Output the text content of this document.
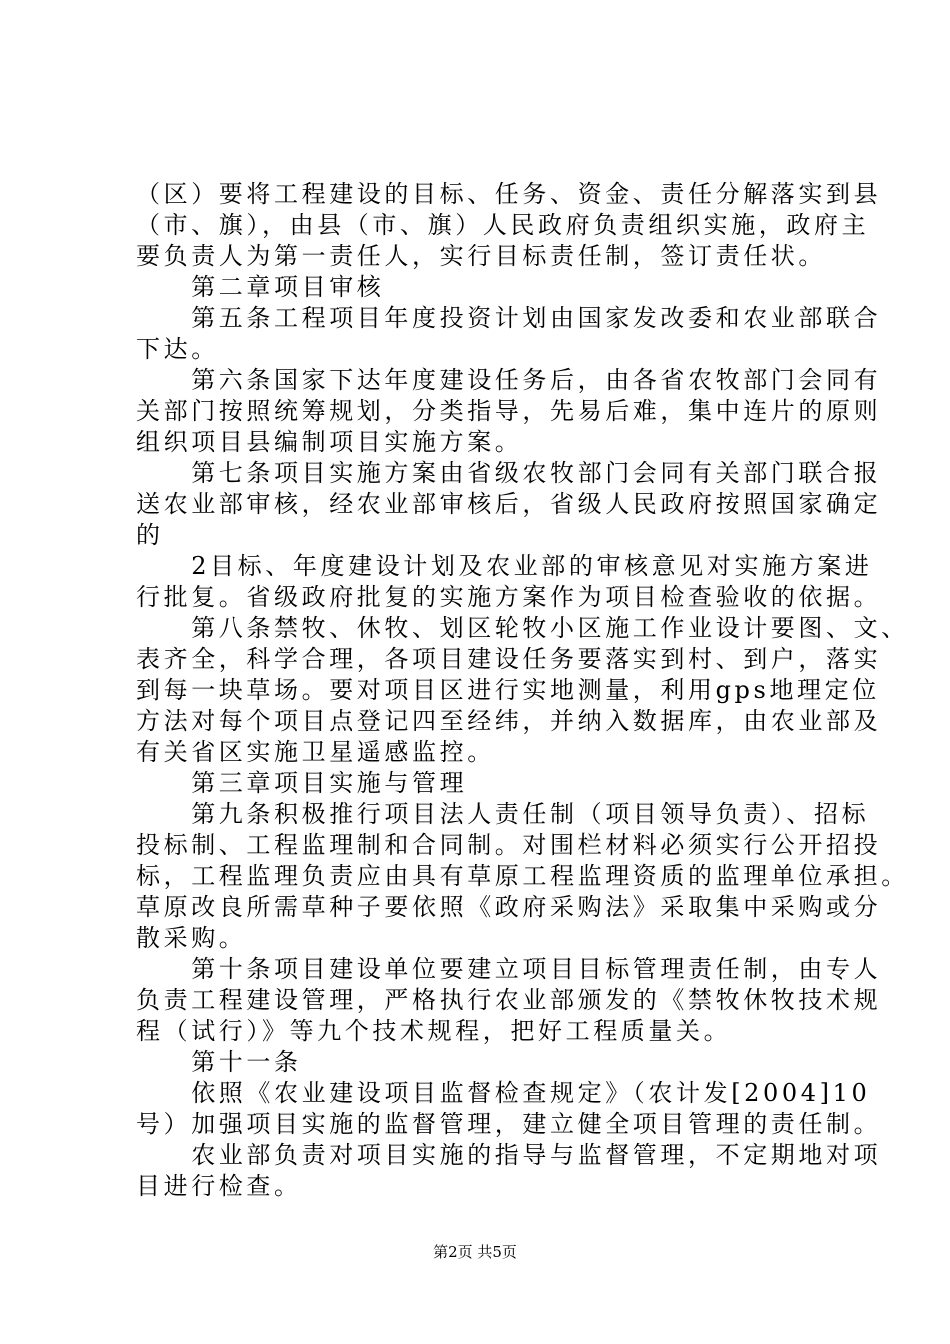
（区）要将工程建设的目标、任务、资金、责任分解落实到县
（市、旗），由县（市、旗）人民政府负责组织实施，政府主
要负责人为第一责任人，实行目标责任制，签订责任状。
　　第二章项目审核
　　第五条工程项目年度投资计划由国家发改委和农业部联合
下达。
　　第六条国家下达年度建设任务后，由各省农牧部门会同有
关部门按照统筹规划，分类指导，先易后难，集中连片的原则
组织项目县编制项目实施方案。
　　第七条项目实施方案由省级农牧部门会同有关部门联合报
送农业部审核，经农业部审核后，省级人民政府按照国家确定
的
　　2目标、年度建设计划及农业部的审核意见对实施方案进
行批复。省级政府批复的实施方案作为项目检查验收的依据。
　　第八条禁牧、休牧、划区轮牧小区施工作业设计要图、文、
表齐全，科学合理，各项目建设任务要落实到村、到户，落实
到每一块草场。要对项目区进行实地测量，利用gps地理定位
方法对每个项目点登记四至经纬，并纳入数据库，由农业部及
有关省区实施卫星遥感监控。
　　第三章项目实施与管理
　　第九条积极推行项目法人责任制（项目领导负责）、招标
投标制、工程监理制和合同制。对围栏材料必须实行公开招投
标，工程监理负责应由具有草原工程监理资质的监理单位承担。
草原改良所需草种子要依照《政府采购法》采取集中采购或分
散采购。
　　第十条项目建设单位要建立项目目标管理责任制，由专人
负责工程建设管理，严格执行农业部颁发的《禁牧休牧技术规
程（试行）》等九个技术规程，把好工程质量关。
　　第十一条
　　依照《农业建设项目监督检查规定》（农计发[2004]10
号）加强项目实施的监督管理，建立健全项目管理的责任制。
　　农业部负责对项目实施的指导与监督管理，不定期地对项
目进行检查。
第2页 共5页
